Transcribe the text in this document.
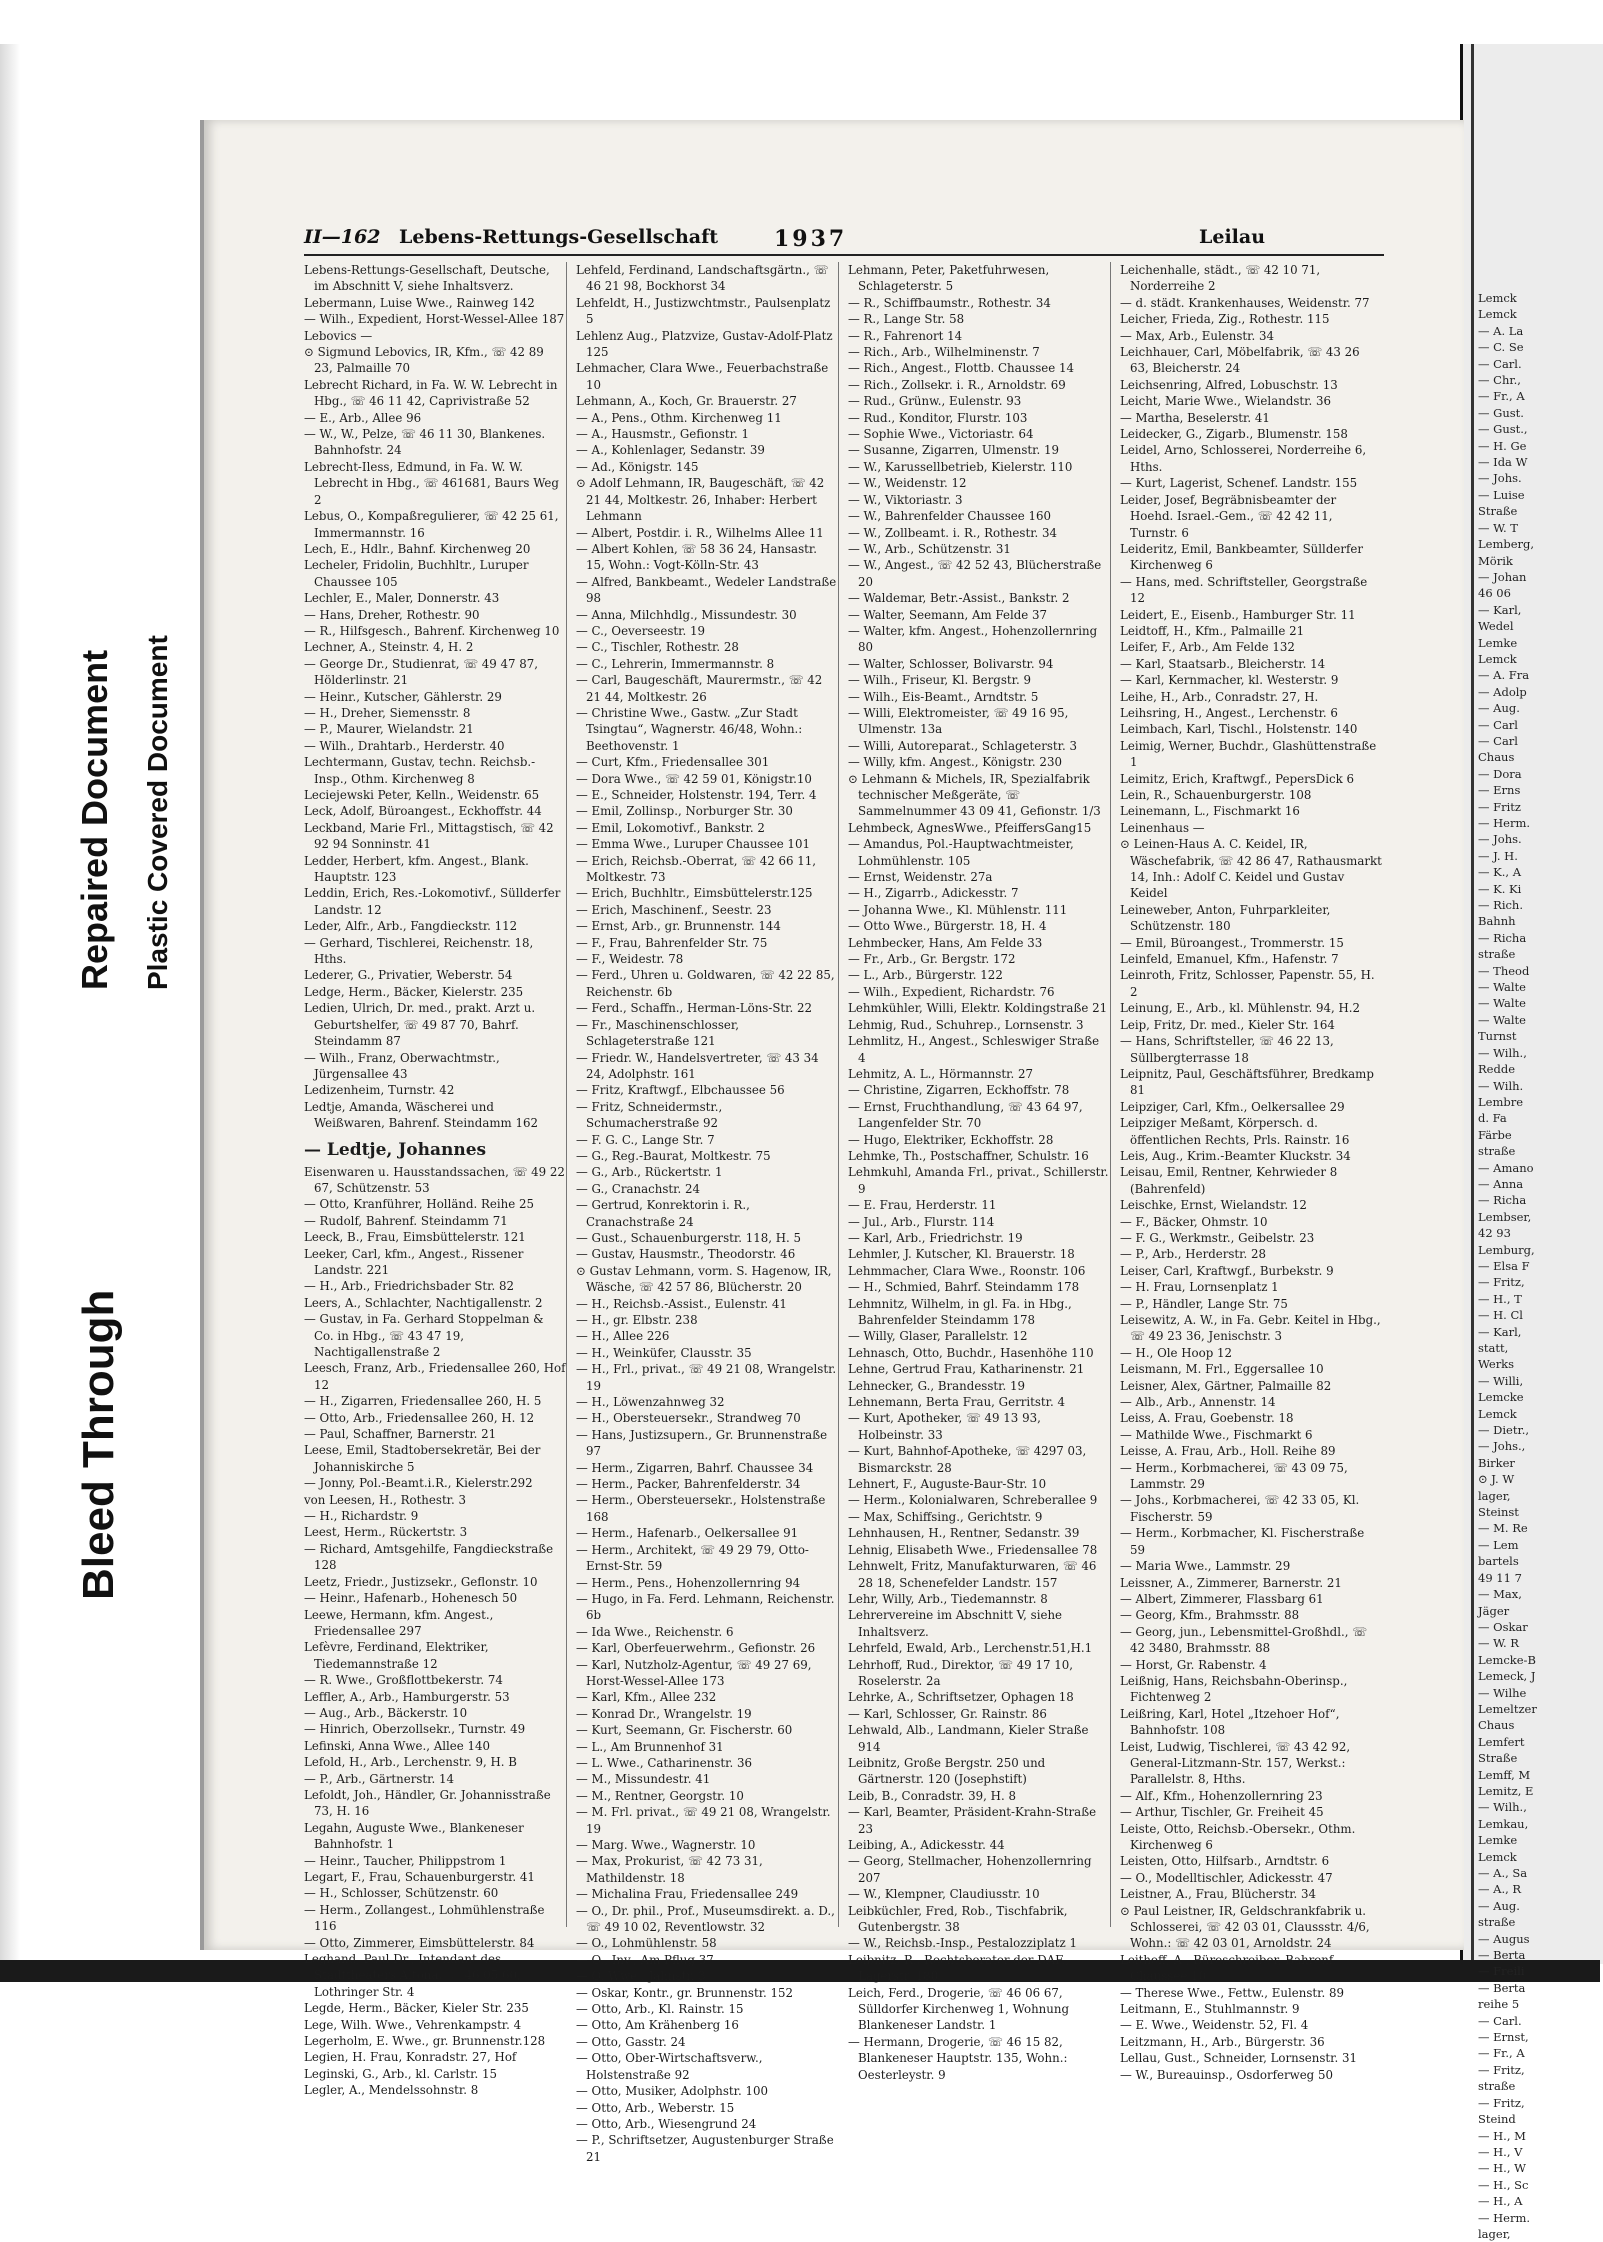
Lemck
Lemck
— A. La
— C. Se
— Carl.
— Chr.,
— Fr., A
— Gust.
— Gust.,
— H. Ge
— Ida W
— Johs.
— Luise
Straße
— W. T
Lemberg,
Mörik
— Johan
46 06
— Karl,
Wedel
Lemke
Lemck
— A. Fra
— Adolp
— Aug.
— Carl
— Carl
Chaus
— Dora
— Erns
— Fritz
— Herm.
— Johs.
— J. H.
— K., A
— K. Ki
— Rich.
Bahnh
— Richa
straße
— Theod
— Walte
— Walte
— Walte
Turnst
— Wilh.,
Redde
— Wilh.
Lembre
d. Fa
Färbe
straße
— Amano
— Anna
— Richa
Lembser,
42 93
Lemburg,
— Elsa F
— Fritz,
— H., T
— H. Cl
— Karl,
statt,
Werks
— Willi,
Lemcke
Lemck
— Dietr.,
— Johs.,
Birker
⊙ J. W
lager,
Steinst
— M. Re
— Lem
bartels
49 11 7
— Max,
Jäger
— Oskar
— W. R
Lemcke-B
Lemeck, J
— Wilhe
Lemeltzer
Chaus
Lemfert
Straße
Lemff, M
Lemitz, E
— Wilh.,
Lemkau,
Lemke
Lemck
— A., Sa
— A., R
— Aug.
straße
— Augus
— Berta
— Freili
— Berta
reihe 5
— Carl.
— Ernst,
— Fr., A
— Fritz,
straße
— Fritz,
Steind
— H., M
— H., V
— H., W
— H., Sc
— H., A
— Herm.
lager,
Bleed Through
Repaired Document Plastic Covered Document
II—162 Lebens-Rettungs-Gesellschaft	1937	Leilau

Lebens-Rettungs-Gesellschaft, Deutsche, im Abschnitt V, siehe Inhaltsverz.

Lebermann, Luise Wwe., Rainweg 142

— Wilh., Expedient, Horst-Wessel-Allee 187

Lebovics —

⊙ Sigmund Lebovics, IR, Kfm., ☏ 42 89 23, Palmaille 70

Lebrecht Richard, in Fa. W. W. Lebrecht in Hbg., ☏ 46 11 42, Caprivistraße 52

— E., Arb., Allee 96

— W., W., Pelze, ☏ 46 11 30, Blankenes. Bahnhofstr. 24

Lebrecht-Iless, Edmund, in Fa. W. W. Lebrecht in Hbg., ☏ 461681, Baurs Weg 2

Lebus, O., Kompaßregulierer, ☏ 42 25 61, Immermannstr. 16

Lech, E., Hdlr., Bahnf. Kirchenweg 20

Lecheler, Fridolin, Buchhltr., Luruper Chaussee 105

Lechler, E., Maler, Donnerstr. 43

— Hans, Dreher, Rothestr. 90

— R., Hilfsgesch., Bahrenf. Kirchenweg 10

Lechner, A., Steinstr. 4, H. 2

— George Dr., Studienrat, ☏ 49 47 87, Hölderlinstr. 21

— Heinr., Kutscher, Gählerstr. 29

— H., Dreher, Siemensstr. 8

— P., Maurer, Wielandstr. 21

— Wilh., Drahtarb., Herderstr. 40

Lechtermann, Gustav, techn. Reichsb.-Insp., Othm. Kirchenweg 8

Leciejewski Peter, Kelln., Weidenstr. 65

Leck, Adolf, Büroangest., Eckhoffstr. 44

Leckband, Marie Frl., Mittagstisch, ☏ 42 92 94 Sonninstr. 41

Ledder, Herbert, kfm. Angest., Blank. Hauptstr. 123

Leddin, Erich, Res.-Lokomotivf., Süllderfer Landstr. 12

Leder, Alfr., Arb., Fangdieckstr. 112

— Gerhard, Tischlerei, Reichenstr. 18, Hths.

Lederer, G., Privatier, Weberstr. 54

Ledge, Herm., Bäcker, Kielerstr. 235

Ledien, Ulrich, Dr. med., prakt. Arzt u. Geburtshelfer, ☏ 49 87 70, Bahrf. Steindamm 87

— Wilh., Franz, Oberwachtmstr., Jürgensallee 43

Ledizenheim, Turnstr. 42

Ledtje, Amanda, Wäscherei und Weißwaren, Bahrenf. Steindamm 162

— Ledtje, Johannes

Eisenwaren u. Hausstandssachen, ☏ 49 22 67, Schützenstr. 53

— Otto, Kranführer, Holländ. Reihe 25

— Rudolf, Bahrenf. Steindamm 71

Leeck, B., Frau, Eimsbüttelerstr. 121

Leeker, Carl, kfm., Angest., Rissener Landstr. 221

— H., Arb., Friedrichsbader Str. 82

Leers, A., Schlachter, Nachtigallenstr. 2

— Gustav, in Fa. Gerhard Stoppelman & Co. in Hbg., ☏ 43 47 19, Nachtigallenstraße 2

Leesch, Franz, Arb., Friedensallee 260, Hof 12

— H., Zigarren, Friedensallee 260, H. 5

— Otto, Arb., Friedensallee 260, H. 12

— Paul, Schaffner, Barnerstr. 21

Leese, Emil, Stadtobersekretär, Bei der Johanniskirche 5

— Jonny, Pol.-Beamt.i.R., Kielerstr.292

von Leesen, H., Rothestr. 3

— H., Richardstr. 9

Leest, Herm., Rückertstr. 3

— Richard, Amtsgehilfe, Fangdieckstraße 128

Leetz, Friedr., Justizsekr., Geflonstr. 10

— Heinr., Hafenarb., Hohenesch 50

Leewe, Hermann, kfm. Angest., Friedensallee 297

Lefèvre, Ferdinand, Elektriker, Tiedemannstraße 12

— R. Wwe., Großflottbekerstr. 74

Leffler, A., Arb., Hamburgerstr. 53

— Aug., Arb., Bäckerstr. 10

— Hinrich, Oberzollsekr., Turnstr. 49

Lefinski, Anna Wwe., Allee 140

Lefold, H., Arb., Lerchenstr. 9, H. B

— P., Arb., Gärtnerstr. 14

Lefoldt, Joh., Händler, Gr. Johannisstraße 73, H. 16

Legahn, Auguste Wwe., Blankeneser Bahnhofstr. 1

— Heinr., Taucher, Philippstrom 1

Legart, F., Frau, Schauenburgerstr. 41

— H., Schlosser, Schützenstr. 60

— Herm., Zollangest., Lohmühlenstraße 116

— Otto, Zimmerer, Eimsbüttelerstr. 84

Leghand, Paul Dr., Intendant des Stadttheaters Altona, ☏ 46 05 60, Lothringer Str. 4

Legde, Herm., Bäcker, Kieler Str. 235

Lege, Wilh. Wwe., Vehrenkampstr. 4

Legerholm, E. Wwe., gr. Brunnenstr.128

Legien, H. Frau, Konradstr. 27, Hof

Leginski, G., Arb., kl. Carlstr. 15

Legler, A., Mendelssohnstr. 8

Lehfeld, Ferdinand, Landschaftsgärtn., ☏ 46 21 98, Bockhorst 34

Lehfeldt, H., Justizwchtmstr., Paulsenplatz 5

Lehlenz Aug., Platzvize, Gustav-Adolf-Platz 125

Lehmacher, Clara Wwe., Feuerbachstraße 10

Lehmann, A., Koch, Gr. Brauerstr. 27

— A., Pens., Othm. Kirchenweg 11

— A., Hausmstr., Gefionstr. 1

— A., Kohlenlager, Sedanstr. 39

— Ad., Königstr. 145

⊙ Adolf Lehmann, IR, Baugeschäft, ☏ 42 21 44, Moltkestr. 26, Inhaber: Herbert Lehmann

— Albert, Postdir. i. R., Wilhelms Allee 11

— Albert Kohlen, ☏ 58 36 24, Hansastr. 15, Wohn.: Vogt-Kölln-Str. 43

— Alfred, Bankbeamt., Wedeler Landstraße 98

— Anna, Milchhdlg., Missundestr. 30

— C., Oeverseestr. 19

— C., Tischler, Rothestr. 28

— C., Lehrerin, Immermannstr. 8

— Carl, Baugeschäft, Maurermstr., ☏ 42 21 44, Moltkestr. 26

— Christine Wwe., Gastw. „Zur Stadt Tsingtau“, Wagnerstr. 46/48, Wohn.: Beethovenstr. 1

— Curt, Kfm., Friedensallee 301

— Dora Wwe., ☏ 42 59 01, Königstr.10

— E., Schneider, Holstenstr. 194, Terr. 4

— Emil, Zollinsp., Norburger Str. 30

— Emil, Lokomotivf., Bankstr. 2

— Emma Wwe., Luruper Chaussee 101

— Erich, Reichsb.-Oberrat, ☏ 42 66 11, Moltkestr. 73

— Erich, Buchhltr., Eimsbüttelerstr.125

— Erich, Maschinenf., Seestr. 23

— Ernst, Arb., gr. Brunnenstr. 144

— F., Frau, Bahrenfelder Str. 75

— F., Weidestr. 78

— Ferd., Uhren u. Goldwaren, ☏ 42 22 85, Reichenstr. 6b

— Ferd., Schaffn., Herman-Löns-Str. 22

— Fr., Maschinenschlosser, Schlageterstraße 121

— Friedr. W., Handelsvertreter, ☏ 43 34 24, Adolphstr. 161

— Fritz, Kraftwgf., Elbchaussee 56

— Fritz, Schneidermstr., Schumacherstraße 92

— F. G. C., Lange Str. 7

— G., Reg.-Baurat, Moltkestr. 75

— G., Arb., Rückertstr. 1

— G., Cranachstr. 24

— Gertrud, Konrektorin i. R., Cranachstraße 24

— Gust., Schauenburgerstr. 118, H. 5

— Gustav, Hausmstr., Theodorstr. 46

⊙ Gustav Lehmann, vorm. S. Hagenow, IR, Wäsche, ☏ 42 57 86, Blücherstr. 20

— H., Reichsb.-Assist., Eulenstr. 41

— H., gr. Elbstr. 238

— H., Allee 226

— H., Weinküfer, Clausstr. 35

— H., Frl., privat., ☏ 49 21 08, Wrangelstr. 19

— H., Löwenzahnweg 32

— H., Obersteuersekr., Strandweg 70

— Hans, Justizsupern., Gr. Brunnenstraße 97

— Herm., Zigarren, Bahrf. Chaussee 34

— Herm., Packer, Bahrenfelderstr. 34

— Herm., Obersteuersekr., Holstenstraße 168

— Herm., Hafenarb., Oelkersallee 91

— Herm., Architekt, ☏ 49 29 79, Otto-Ernst-Str. 59

— Herm., Pens., Hohenzollernring 94

— Hugo, in Fa. Ferd. Lehmann, Reichenstr. 6b

— Ida Wwe., Reichenstr. 6

— Karl, Oberfeuerwehrm., Gefionstr. 26

— Karl, Nutzholz-Agentur, ☏ 49 27 69, Horst-Wessel-Allee 173

— Karl, Kfm., Allee 232

— Konrad Dr., Wrangelstr. 19

— Kurt, Seemann, Gr. Fischerstr. 60

— L., Am Brunnenhof 31

— L. Wwe., Catharinenstr. 36

— M., Missundestr. 41

— M., Rentner, Georgstr. 10

— M. Frl. privat., ☏ 49 21 08, Wrangelstr. 19

— Marg. Wwe., Wagnerstr. 10

— Max, Prokurist, ☏ 42 73 31, Mathildenstr. 18

— Michalina Frau, Friedensallee 249

— O., Dr. phil., Prof., Museumsdirekt. a. D., ☏ 49 10 02, Reventlowstr. 32

— O., Lohmühlenstr. 58

— O., Inv., Am Pflug 37

— O. Wwe., Jahnstr. 3

— Oskar, Kontr., gr. Brunnenstr. 152

— Otto, Arb., Kl. Rainstr. 15

— Otto, Am Krähenberg 16

— Otto, Gasstr. 24

— Otto, Ober-Wirtschaftsverw., Holstenstraße 92

— Otto, Musiker, Adolphstr. 100

— Otto, Arb., Weberstr. 15

— Otto, Arb., Wiesengrund 24

— P., Schriftsetzer, Augustenburger Straße 21

Lehmann, Peter, Paketfuhrwesen, Schlageterstr. 5

— R., Schiffbaumstr., Rothestr. 34

— R., Lange Str. 58

— R., Fahrenort 14

— Rich., Arb., Wilhelminenstr. 7

— Rich., Angest., Flottb. Chaussee 14

— Rich., Zollsekr. i. R., Arnoldstr. 69

— Rud., Grünw., Eulenstr. 93

— Rud., Konditor, Flurstr. 103

— Sophie Wwe., Victoriastr. 64

— Susanne, Zigarren, Ulmenstr. 19

— W., Karussellbetrieb, Kielerstr. 110

— W., Weidenstr. 12

— W., Viktoriastr. 3

— W., Bahrenfelder Chaussee 160

— W., Zollbeamt. i. R., Rothestr. 34

— W., Arb., Schützenstr. 31

— W., Angest., ☏ 42 52 43, Blücherstraße 20

— Waldemar, Betr.-Assist., Bankstr. 2

— Walter, Seemann, Am Felde 37

— Walter, kfm. Angest., Hohenzollernring 80

— Walter, Schlosser, Bolivarstr. 94

— Wilh., Friseur, Kl. Bergstr. 9

— Wilh., Eis-Beamt., Arndtstr. 5

— Willi, Elektromeister, ☏ 49 16 95, Ulmenstr. 13a

— Willi, Autoreparat., Schlageterstr. 3

— Willy, kfm. Angest., Königstr. 230

⊙ Lehmann & Michels, IR, Spezialfabrik technischer Meßgeräte, ☏ Sammelnummer 43 09 41, Gefionstr. 1/3

Lehmbeck, AgnesWwe., PfeiffersGang15

— Amandus, Pol.-Hauptwachtmeister, Lohmühlenstr. 105

— Ernst, Weidenstr. 27a

— H., Zigarrb., Adickesstr. 7

— Johanna Wwe., Kl. Mühlenstr. 111

— Otto Wwe., Bürgerstr. 18, H. 4

Lehmbecker, Hans, Am Felde 33

— Fr., Arb., Gr. Bergstr. 172

— L., Arb., Bürgerstr. 122

— Wilh., Expedient, Richardstr. 76

Lehmkühler, Willi, Elektr. Koldingstraße 21

Lehmig, Rud., Schuhrep., Lornsenstr. 3

Lehmlitz, H., Angest., Schleswiger Straße 4

Lehmitz, A. L., Hörmannstr. 27

— Christine, Zigarren, Eckhoffstr. 78

— Ernst, Fruchthandlung, ☏ 43 64 97, Langenfelder Str. 70

— Hugo, Elektriker, Eckhoffstr. 28

Lehmke, Th., Postschaffner, Schulstr. 16

Lehmkuhl, Amanda Frl., privat., Schillerstr. 9

— E. Frau, Herderstr. 11

— Jul., Arb., Flurstr. 114

— Karl, Arb., Friedrichstr. 19

Lehmler, J. Kutscher, Kl. Brauerstr. 18

Lehmmacher, Clara Wwe., Roonstr. 106

— H., Schmied, Bahrf. Steindamm 178

Lehmnitz, Wilhelm, in gl. Fa. in Hbg., Bahrenfelder Steindamm 178

— Willy, Glaser, Parallelstr. 12

Lehnasch, Otto, Buchdr., Hasenhöhe 110

Lehne, Gertrud Frau, Katharinenstr. 21

Lehnecker, G., Brandesstr. 19

Lehnemann, Berta Frau, Gerritstr. 4

— Kurt, Apotheker, ☏ 49 13 93, Holbeinstr. 33

— Kurt, Bahnhof-Apotheke, ☏ 4297 03, Bismarckstr. 28

Lehnert, F., Auguste-Baur-Str. 10

— Herm., Kolonialwaren, Schreberallee 9

— Max, Schiffsing., Gerichtstr. 9

Lehnhausen, H., Rentner, Sedanstr. 39

Lehnig, Elisabeth Wwe., Friedensallee 78

Lehnwelt, Fritz, Manufakturwaren, ☏ 46 28 18, Schenefelder Landstr. 157

Lehr, Willy, Arb., Tiedemannstr. 8

Lehrervereine im Abschnitt V, siehe Inhaltsverz.

Lehrfeld, Ewald, Arb., Lerchenstr.51,H.1

Lehrhoff, Rud., Direktor, ☏ 49 17 10, Roselerstr. 2a

Lehrke, A., Schriftsetzer, Ophagen 18

— Karl, Schlosser, Gr. Rainstr. 86

Lehwald, Alb., Landmann, Kieler Straße 914

Leibnitz, Große Bergstr. 250 und Gärtnerstr. 120 (Josephstift)

Leib, B., Conradstr. 39, H. 8

— Karl, Beamter, Präsident-Krahn-Straße 23

Leibing, A., Adickesstr. 44

— Georg, Stellmacher, Hohenzollernring 207

— W., Klempner, Claudiusstr. 10

Leibküchler, Fred, Rob., Tischfabrik, Gutenbergstr. 38

— W., Reichsb.-Insp., Pestalozziplatz 1

Leibnitz, R., Rechtsberater der DAF., Lagerstr. 180

Leich, Ferd., Drogerie, ☏ 46 06 67, Sülldorfer Kirchenweg 1, Wohnung Blankeneser Landstr. 1

— Hermann, Drogerie, ☏ 46 15 82, Blankeneser Hauptstr. 135, Wohn.: Oesterleystr. 9

Leichenhalle, städt., ☏ 42 10 71, Norderreihe 2

— d. städt. Krankenhauses, Weidenstr. 77

Leicher, Frieda, Zig., Rothestr. 115

— Max, Arb., Eulenstr. 34

Leichhauer, Carl, Möbelfabrik, ☏ 43 26 63, Bleicherstr. 24

Leichsenring, Alfred, Lobuschstr. 13

Leicht, Marie Wwe., Wielandstr. 36

— Martha, Beselerstr. 41

Leidecker, G., Zigarb., Blumenstr. 158

Leidel, Arno, Schlosserei, Norderreihe 6, Hths.

— Kurt, Lagerist, Schenef. Landstr. 155

Leider, Josef, Begräbnisbeamter der Hoehd. Israel.-Gem., ☏ 42 42 11, Turnstr. 6

Leideritz, Emil, Bankbeamter, Süllderfer Kirchenweg 6

— Hans, med. Schriftsteller, Georgstraße 12

Leidert, E., Eisenb., Hamburger Str. 11

Leidtoff, H., Kfm., Palmaille 21

Leifer, F., Arb., Am Felde 132

— Karl, Staatsarb., Bleicherstr. 14

— Karl, Kernmacher, kl. Westerstr. 9

Leihe, H., Arb., Conradstr. 27, H.

Leihsring, H., Angest., Lerchenstr. 6

Leimbach, Karl, Tischl., Holstenstr. 140

Leimig, Werner, Buchdr., Glashüttenstraße 1

Leimitz, Erich, Kraftwgf., PepersDick 6

Lein, R., Schauenburgerstr. 108

Leinemann, L., Fischmarkt 16

Leinenhaus —

⊙ Leinen-Haus A. C. Keidel, IR, Wäschefabrik, ☏ 42 86 47, Rathausmarkt 14, Inh.: Adolf C. Keidel und Gustav Keidel

Leineweber, Anton, Fuhrparkleiter, Schützenstr. 180

— Emil, Büroangest., Trommerstr. 15

Leinfeld, Emanuel, Kfm., Hafenstr. 7

Leinroth, Fritz, Schlosser, Papenstr. 55, H. 2

Leinung, E., Arb., kl. Mühlenstr. 94, H.2

Leip, Fritz, Dr. med., Kieler Str. 164

— Hans, Schriftsteller, ☏ 46 22 13, Süllbergterrasse 18

Leipnitz, Paul, Geschäftsführer, Bredkamp 81

Leipziger, Carl, Kfm., Oelkersallee 29

Leipziger Meßamt, Körpersch. d. öffentlichen Rechts, Prls. Rainstr. 16

Leis, Aug., Krim.-Beamter Kluckstr. 34

Leisau, Emil, Rentner, Kehrwieder 8 (Bahrenfeld)

Leischke, Ernst, Wielandstr. 12

— F., Bäcker, Ohmstr. 10

— F. G., Werkmstr., Geibelstr. 23

— P., Arb., Herderstr. 28

Leiser, Carl, Kraftwgf., Burbekstr. 9

— H. Frau, Lornsenplatz 1

— P., Händler, Lange Str. 75

Leisewitz, A. W., in Fa. Gebr. Keitel in Hbg., ☏ 49 23 36, Jenischstr. 3

— H., Ole Hoop 12

Leismann, M. Frl., Eggersallee 10

Leisner, Alex, Gärtner, Palmaille 82

— Alb., Arb., Annenstr. 14

Leiss, A. Frau, Goebenstr. 18

— Mathilde Wwe., Fischmarkt 6

Leisse, A. Frau, Arb., Holl. Reihe 89

— Herm., Korbmacherei, ☏ 43 09 75, Lammstr. 29

— Johs., Korbmacherei, ☏ 42 33 05, Kl. Fischerstr. 59

— Herm., Korbmacher, Kl. Fischerstraße 59

— Maria Wwe., Lammstr. 29

Leissner, A., Zimmerer, Barnerstr. 21

— Albert, Zimmerer, Flassbarg 61

— Georg, Kfm., Brahmsstr. 88

— Georg, jun., Lebensmittel-Großhdl., ☏ 42 3480, Brahmsstr. 88

— Horst, Gr. Rabenstr. 4

Leißnig, Hans, Reichsbahn-Oberinsp., Fichtenweg 2

Leißring, Karl, Hotel „Itzehoer Hof“, Bahnhofstr. 108

Leist, Ludwig, Tischlerei, ☏ 43 42 92, General-Litzmann-Str. 157, Werkst.: Parallelstr. 8, Hths.

— Alf., Kfm., Hohenzollernring 23

— Arthur, Tischler, Gr. Freiheit 45

Leiste, Otto, Reichsb.-Obersekr., Othm. Kirchenweg 6

Leisten, Otto, Hilfsarb., Arndtstr. 6

— O., Modelltischler, Adickesstr. 47

Leistner, A., Frau, Blücherstr. 34

⊙ Paul Leistner, IR, Geldschrankfabrik u. Schlosserei, ☏ 42 03 01, Claussstr. 4/6, Wohn.: ☏ 42 03 01, Arnoldstr. 24

Leithoff, A., Büroschreiber, Bahrenf. Chaussee 10

— Therese Wwe., Fettw., Eulenstr. 89

Leitmann, E., Stuhlmannstr. 9

— E. Wwe., Weidenstr. 52, Fl. 4

Leitzmann, H., Arb., Bürgerstr. 36

Lellau, Gust., Schneider, Lornsenstr. 31

— W., Bureauinsp., Osdorferweg 50
